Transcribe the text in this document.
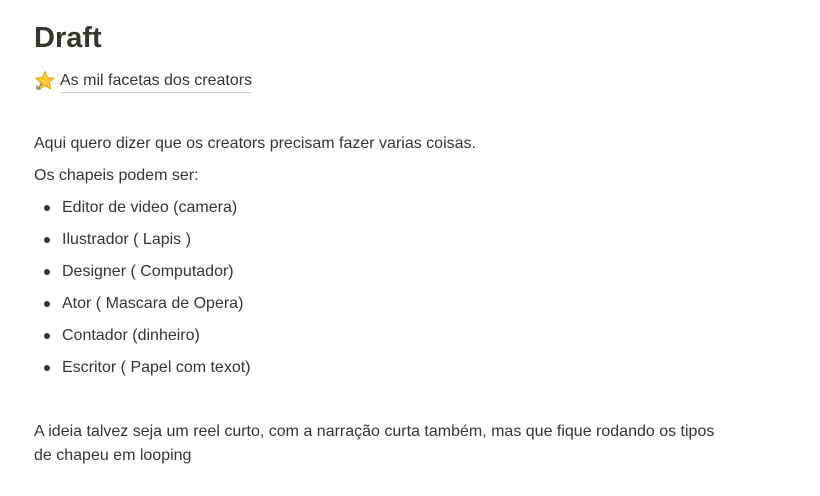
Draft
As mil facetas dos creators

Aqui quero dizer que os creators precisam fazer varias coisas.

Os chapeis podem ser:

Editor de video (camera)
Ilustrador ( Lapis )
Designer ( Computador)
Ator ( Mascara de Opera)
Contador (dinheiro)
Escritor ( Papel com texot)

A ideia talvez seja um reel curto, com a narração curta também, mas que fique rodando os tipos de chapeu em looping
